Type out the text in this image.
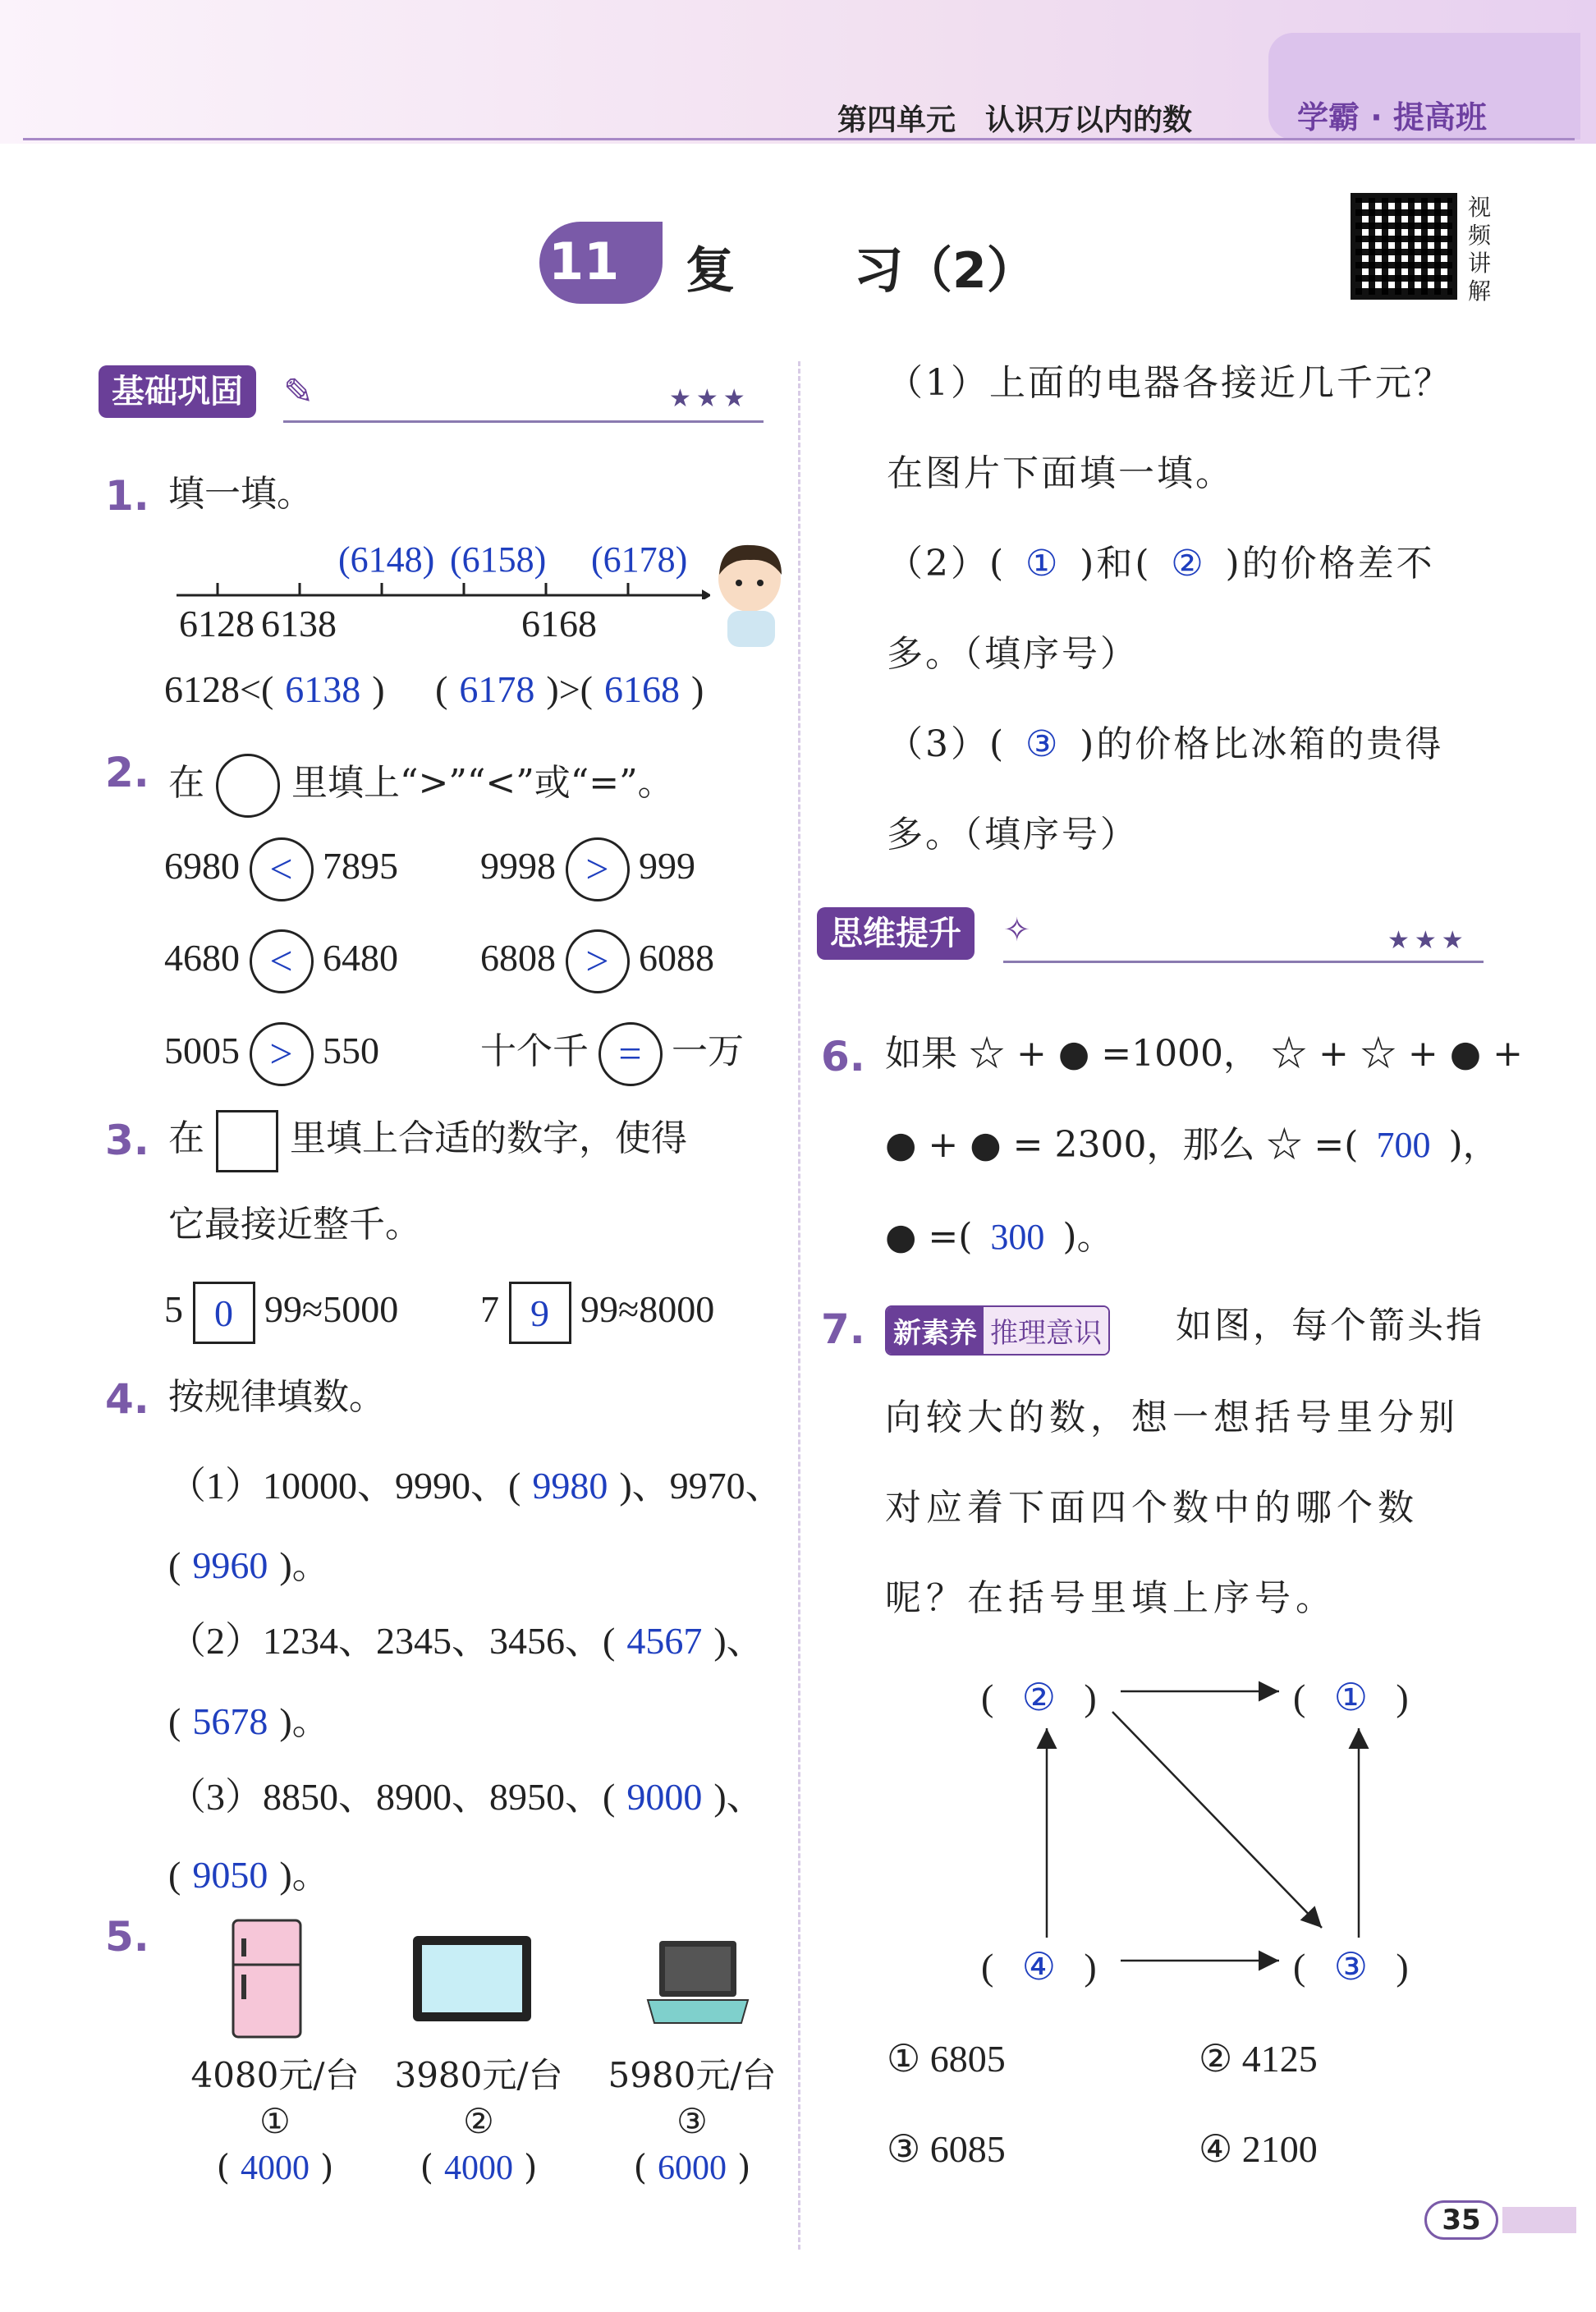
第四单元　认识万以内的数	学霸 · 提高班
11 复 习（2）
视
频
讲
解
基础巩固	✎	★★★
1. 填一填。
(6148) (6158) (6178)
6128 6138	6168
6128<( 6138 ) ( 6178 )>( 6168 )
2. 在 里填上“>”“<”或“=”。
6980 < 7895 9998 > 999
4680 < 6480 6808 > 6088
5005 > 550	十个千 = 一万
3. 在 里填上合适的数字，使得
它最接近整千。
5 0 99≈5000 7 9 99≈8000
4. 按规律填数。
（1）10000、9990、( 9980 )、9970、
( 9960 )。
（2）1234、2345、3456、( 4567 )、
( 5678 )。
（3）8850、8900、8950、( 9000 )、
( 9050 )。
5.
4080元/台
①
( 4000 )
3980元/台
②
( 4000 )
5980元/台
③
( 6000 )
（1）上面的电器各接近几千元？
在图片下面填一填。
（2）( ① )和( ② )的价格差不
多。（填序号）
（3）( ③ )的价格比冰箱的贵得
多。（填序号）
思维提升	✧	★★★
6. 如果 ☆ + ● =1000， ☆ + ☆ + ● +
● + ● = 2300，那么 ☆ =( 700 )，
● =( 300 )。
7. 新素养 推理意识 如图，每个箭头指
向较大的数，想一想括号里分别
对应着下面四个数中的哪个数
呢？在括号里填上序号。
( ② )	( ① )
( ④ )	( ③ )
① 6805	② 4125
③ 6085	④ 2100
35
